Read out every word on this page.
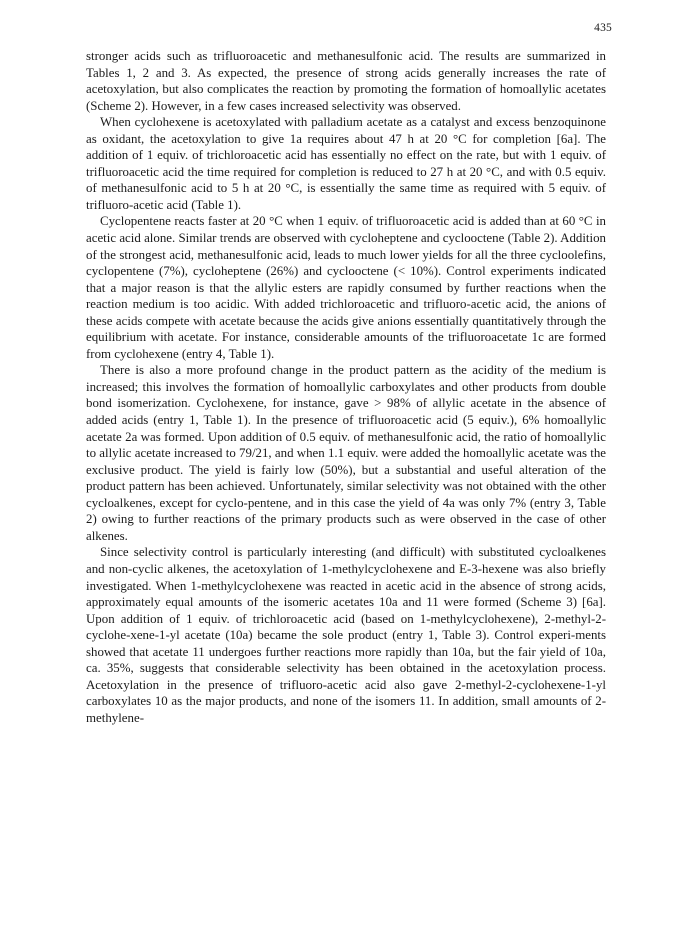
435

stronger acids such as trifluoroacetic and methanesulfonic acid. The results are summarized in Tables 1, 2 and 3. As expected, the presence of strong acids generally increases the rate of acetoxylation, but also complicates the reaction by promoting the formation of homoallylic acetates (Scheme 2). However, in a few cases increased selectivity was observed.

When cyclohexene is acetoxylated with palladium acetate as a catalyst and excess benzoquinone as oxidant, the acetoxylation to give 1a requires about 47 h at 20 °C for completion [6a]. The addition of 1 equiv. of trichloroacetic acid has essentially no effect on the rate, but with 1 equiv. of trifluoroacetic acid the time required for completion is reduced to 27 h at 20 °C, and with 0.5 equiv. of methanesulfonic acid to 5 h at 20 °C, is essentially the same time as required with 5 equiv. of trifluoro-acetic acid (Table 1).

Cyclopentene reacts faster at 20 °C when 1 equiv. of trifluoroacetic acid is added than at 60 °C in acetic acid alone. Similar trends are observed with cycloheptene and cyclooctene (Table 2). Addition of the strongest acid, methanesulfonic acid, leads to much lower yields for all the three cycloolefins, cyclopentene (7%), cycloheptene (26%) and cyclooctene (< 10%). Control experiments indicated that a major reason is that the allylic esters are rapidly consumed by further reactions when the reaction medium is too acidic. With added trichloroacetic and trifluoro-acetic acid, the anions of these acids compete with acetate because the acids give anions essentially quantitatively through the equilibrium with acetate. For instance, considerable amounts of the trifluoroacetate 1c are formed from cyclohexene (entry 4, Table 1).

There is also a more profound change in the product pattern as the acidity of the medium is increased; this involves the formation of homoallylic carboxylates and other products from double bond isomerization. Cyclohexene, for instance, gave > 98% of allylic acetate in the absence of added acids (entry 1, Table 1). In the presence of trifluoroacetic acid (5 equiv.), 6% homoallylic acetate 2a was formed. Upon addition of 0.5 equiv. of methanesulfonic acid, the ratio of homoallylic to allylic acetate increased to 79/21, and when 1.1 equiv. were added the homoallylic acetate was the exclusive product. The yield is fairly low (50%), but a substantial and useful alteration of the product pattern has been achieved. Unfortunately, similar selectivity was not obtained with the other cycloalkenes, except for cyclo-pentene, and in this case the yield of 4a was only 7% (entry 3, Table 2) owing to further reactions of the primary products such as were observed in the case of other alkenes.

Since selectivity control is particularly interesting (and difficult) with substituted cycloalkenes and non-cyclic alkenes, the acetoxylation of 1-methylcyclohexene and E-3-hexene was also briefly investigated. When 1-methylcyclohexene was reacted in acetic acid in the absence of strong acids, approximately equal amounts of the isomeric acetates 10a and 11 were formed (Scheme 3) [6a]. Upon addition of 1 equiv. of trichloroacetic acid (based on 1-methylcyclohexene), 2-methyl-2-cyclohe-xene-1-yl acetate (10a) became the sole product (entry 1, Table 3). Control experi-ments showed that acetate 11 undergoes further reactions more rapidly than 10a, but the fair yield of 10a, ca. 35%, suggests that considerable selectivity has been obtained in the acetoxylation process. Acetoxylation in the presence of trifluoro-acetic acid also gave 2-methyl-2-cyclohexene-1-yl carboxylates 10 as the major products, and none of the isomers 11. In addition, small amounts of 2-methylene-
